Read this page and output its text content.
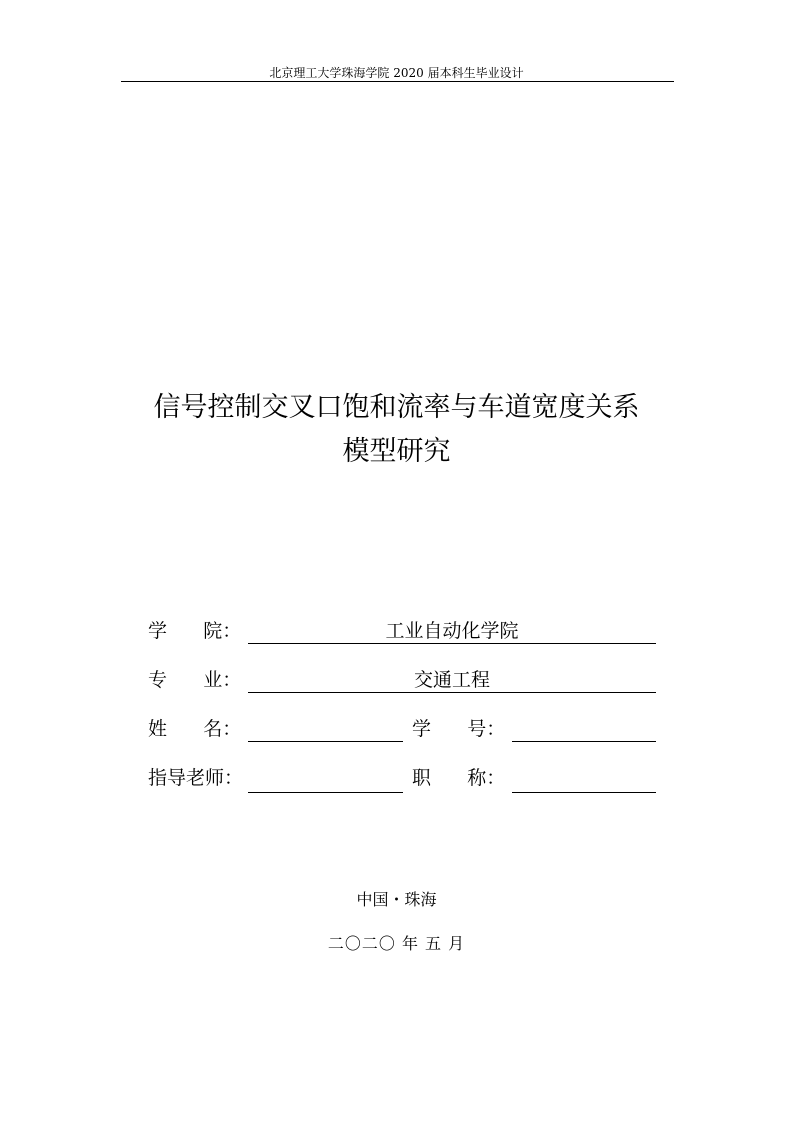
北京理工大学珠海学院 2020 届本科生毕业设计
信号控制交叉口饱和流率与车道宽度关系
模型研究
学      院：	工业自动化学院
专      业：	交通工程
姓      名：	学      号：
指导老师：	职      称：
中国・珠海
二〇二〇 年 五 月
